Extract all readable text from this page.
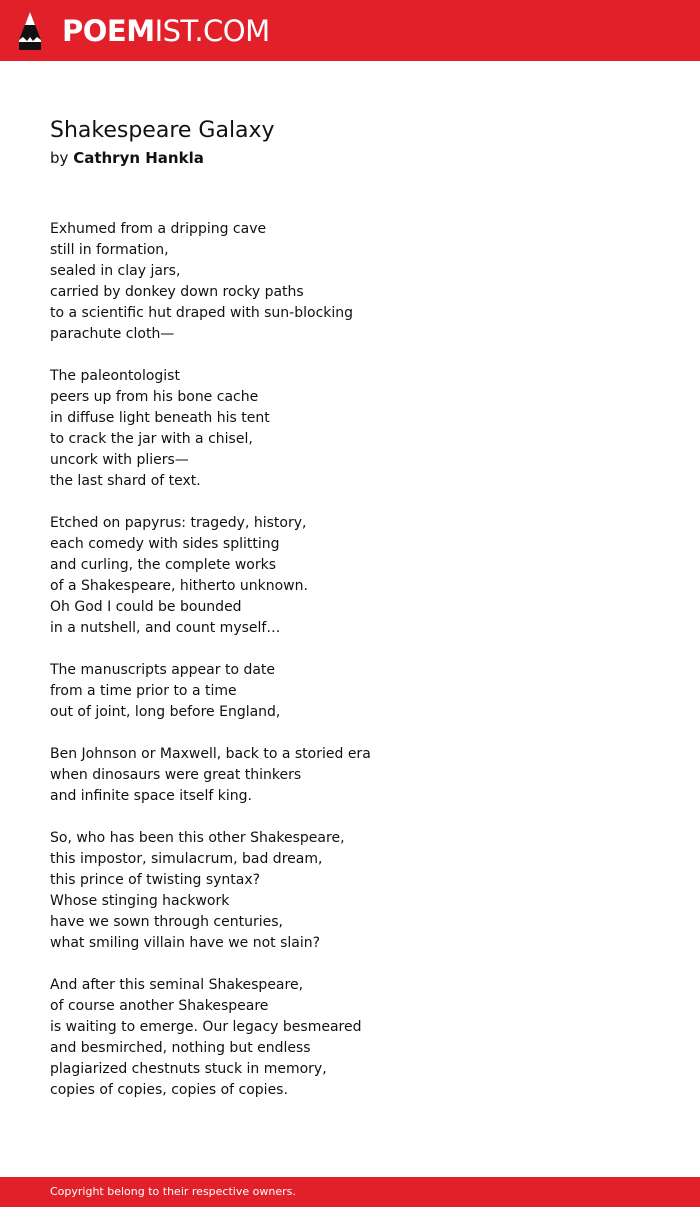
POEMIST.COM
Shakespeare Galaxy
by Cathryn Hankla
Exhumed from a dripping cave
still in formation,
sealed in clay jars,
carried by donkey down rocky paths
to a scientific hut draped with sun-blocking
parachute cloth—
The paleontologist
peers up from his bone cache
in diffuse light beneath his tent
to crack the jar with a chisel,
uncork with pliers—
the last shard of text.
Etched on papyrus: tragedy, history,
each comedy with sides splitting
and curling, the complete works
of a Shakespeare, hitherto unknown.
Oh God I could be bounded
in a nutshell, and count myself…
The manuscripts appear to date
from a time prior to a time
out of joint, long before England,
Ben Johnson or Maxwell, back to a storied era
when dinosaurs were great thinkers
and infinite space itself king.
So, who has been this other Shakespeare,
this impostor, simulacrum, bad dream,
this prince of twisting syntax?
Whose stinging hackwork
have we sown through centuries,
what smiling villain have we not slain?
And after this seminal Shakespeare,
of course another Shakespeare
is waiting to emerge. Our legacy besmeared
and besmirched, nothing but endless
plagiarized chestnuts stuck in memory,
copies of copies, copies of copies.
Copyright belong to their respective owners.
